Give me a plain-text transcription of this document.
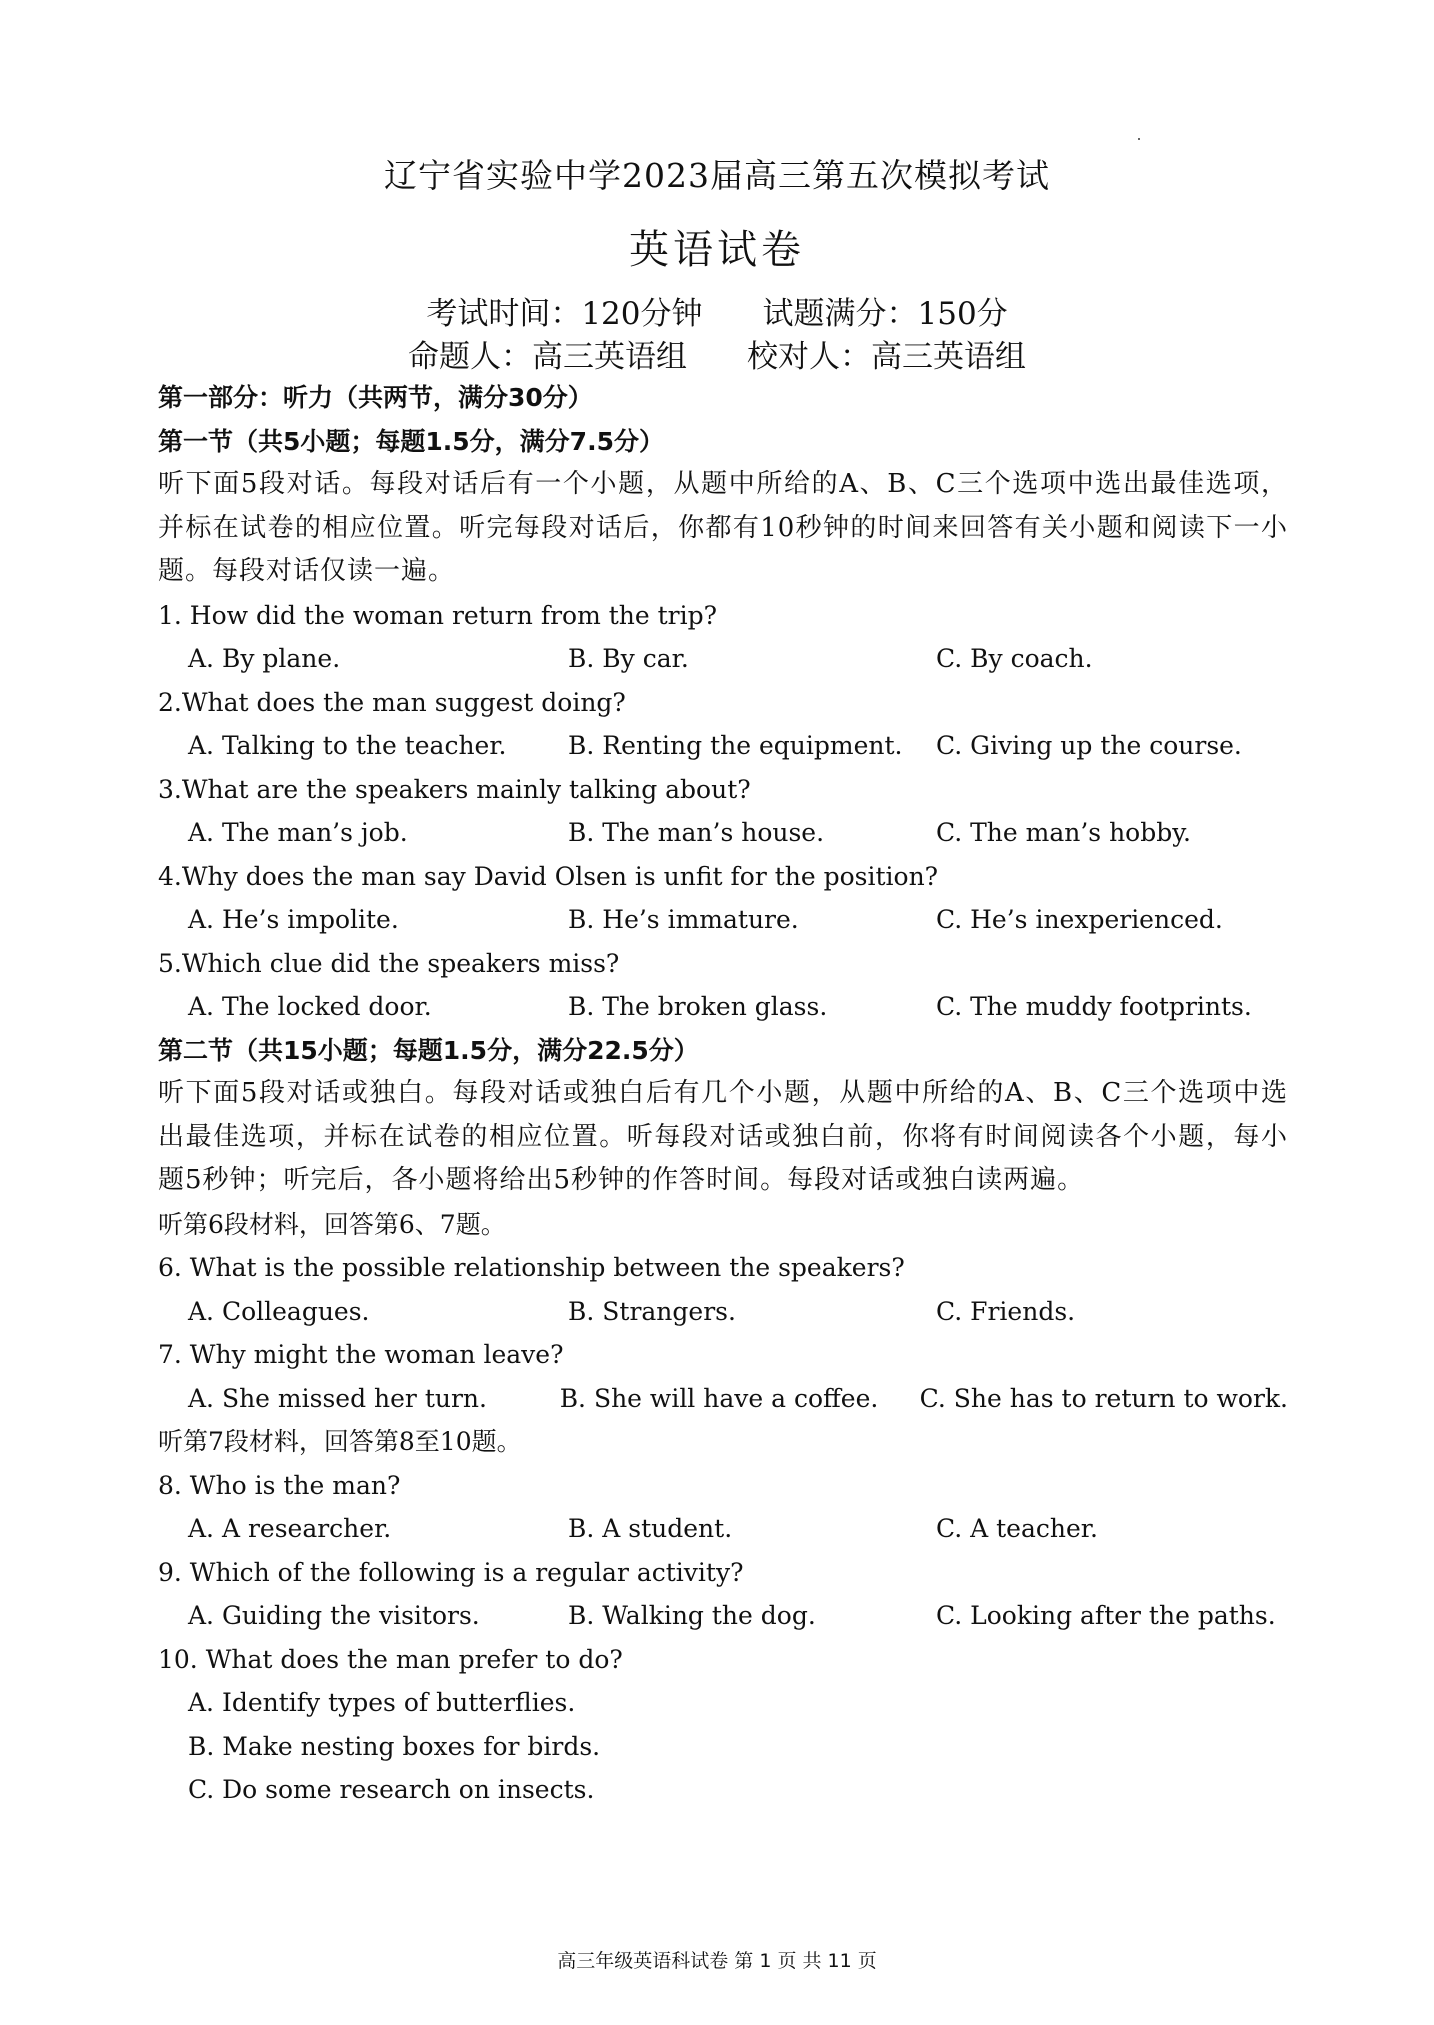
辽宁省实验中学2023届高三第五次模拟考试
英语试卷
考试时间：120分钟 试题满分：150分
命题人：高三英语组 校对人：高三英语组
第一部分：听力（共两节，满分30分）
第一节（共5小题；每题1.5分，满分7.5分）
听下面5段对话。每段对话后有一个小题，从题中所给的A、B、C三个选项中选出最佳选项，并标在试卷的相应位置。听完每段对话后，你都有10秒钟的时间来回答有关小题和阅读下一小题。每段对话仅读一遍。
1. How did the woman return from the trip?
A. By plane.	B. By car.	C. By coach.
2.What does the man suggest doing?
A. Talking to the teacher.	B. Renting the equipment.	C. Giving up the course.
3.What are the speakers mainly talking about?
A. The man’s job.	B. The man’s house.	C. The man’s hobby.
4.Why does the man say David Olsen is unfit for the position?
A. He’s impolite.	B. He’s immature.	C. He’s inexperienced.
5.Which clue did the speakers miss?
A. The locked door.	B. The broken glass.	C. The muddy footprints.
第二节（共15小题；每题1.5分，满分22.5分）
听下面5段对话或独白。每段对话或独白后有几个小题，从题中所给的A、B、C三个选项中选出最佳选项，并标在试卷的相应位置。听每段对话或独白前，你将有时间阅读各个小题，每小题5秒钟；听完后，各小题将给出5秒钟的作答时间。每段对话或独白读两遍。
听第6段材料，回答第6、7题。
6. What is the possible relationship between the speakers?
A. Colleagues.	B. Strangers.	C. Friends.
7. Why might the woman leave?
A. She missed her turn.	B. She will have a coffee.	C. She has to return to work.
听第7段材料，回答第8至10题。
8. Who is the man?
A. A researcher.	B. A student.	C. A teacher.
9. Which of the following is a regular activity?
A. Guiding the visitors.	B. Walking the dog.	C. Looking after the paths.
10. What does the man prefer to do?
A. Identify types of butterflies.
B. Make nesting boxes for birds.
C. Do some research on insects.
高三年级英语科试卷 第 1 页 共 11 页
